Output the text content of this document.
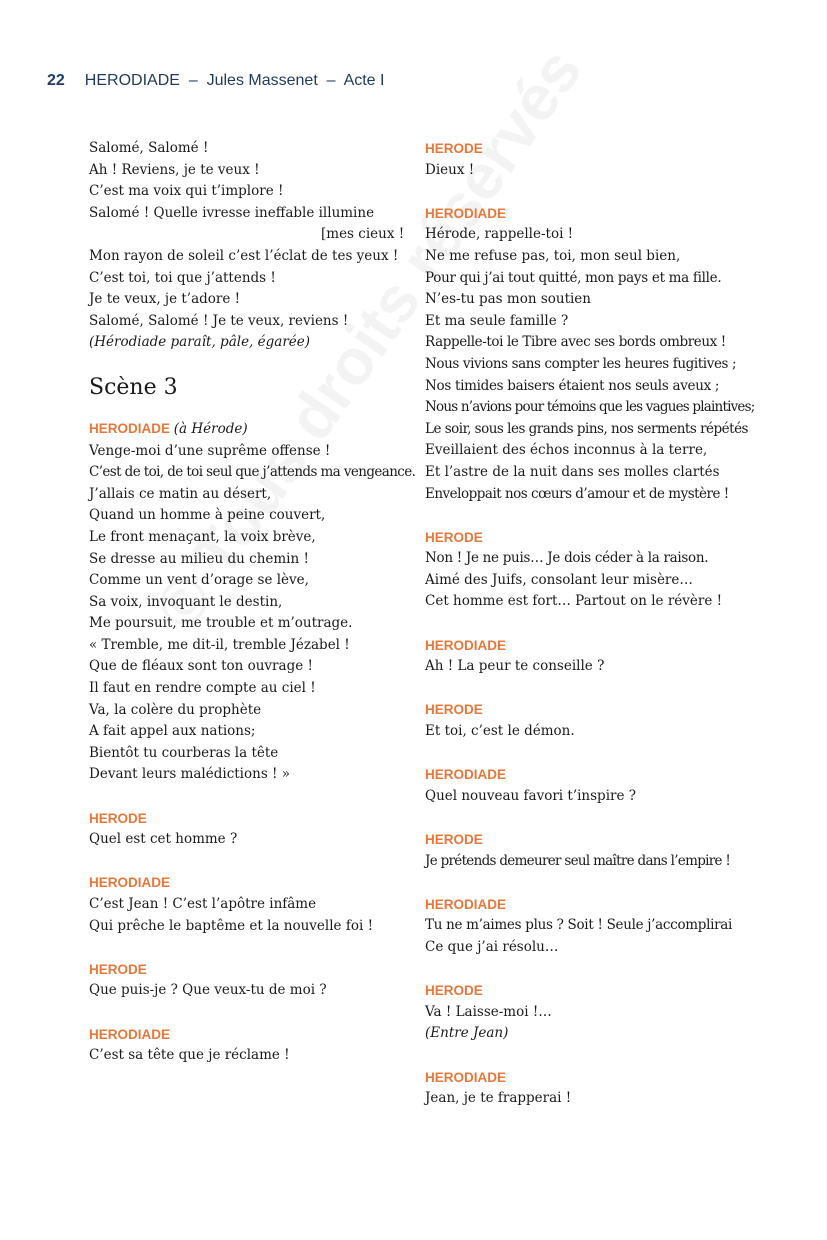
22 HERODIADE  –  Jules Massenet  –  Acte I
Salomé, Salomé !
Ah ! Reviens, je te veux !
C’est ma voix qui t’implore !
Salomé ! Quelle ivresse ineffable illumine
[mes cieux !
Mon rayon de soleil c’est l’éclat de tes yeux !
C’est toi, toi que j’attends !
Je te veux, je t’adore !
Salomé, Salomé ! Je te veux, reviens !
(Hérodiade paraît, pâle, égarée)
Scène 3
HERODIADE (à Hérode)
Venge-moi d’une suprême offense !
C’est de toi, de toi seul que j’attends ma vengeance.
J’allais ce matin au désert,
Quand un homme à peine couvert,
Le front menaçant, la voix brève,
Se dresse au milieu du chemin !
Comme un vent d’orage se lève,
Sa voix, invoquant le destin,
Me poursuit, me trouble et m’outrage.
« Tremble, me dit-il, tremble Jézabel !
Que de fléaux sont ton ouvrage !
Il faut en rendre compte au ciel !
Va, la colère du prophète
A fait appel aux nations;
Bientôt tu courberas la tête
Devant leurs malédictions ! »
HERODE
Quel est cet homme ?
HERODIADE
C’est Jean ! C’est l’apôtre infâme
Qui prêche le baptême et la nouvelle foi !
HERODE
Que puis-je ? Que veux-tu de moi ?
HERODIADE
C’est sa tête que je réclame !
HERODE
Dieux !
HERODIADE
Hérode, rappelle-toi !
Ne me refuse pas, toi, mon seul bien,
Pour qui j’ai tout quitté, mon pays et ma fille.
N’es-tu pas mon soutien
Et ma seule famille ?
Rappelle-toi le Tibre avec ses bords ombreux !
Nous vivions sans compter les heures fugitives ;
Nos timides baisers étaient nos seuls aveux ;
Nous n’avions pour témoins que les vagues plaintives;
Le soir, sous les grands pins, nos serments répétés
Eveillaient des échos inconnus à la terre,
Et l’astre de la nuit dans ses molles clartés
Enveloppait nos cœurs d’amour et de mystère !
HERODE
Non ! Je ne puis… Je dois céder à la raison.
Aimé des Juifs, consolant leur misère…
Cet homme est fort… Partout on le révère !
HERODIADE
Ah ! La peur te conseille ?
HERODE
Et toi, c’est le démon.
HERODIADE
Quel nouveau favori t’inspire ?
HERODE
Je prétends demeurer seul maître dans l’empire !
HERODIADE
Tu ne m’aimes plus ? Soit ! Seule j’accomplirai
Ce que j’ai résolu…
HERODE
Va ! Laisse-moi !…
(Entre Jean)
HERODIADE
Jean, je te frapperai !
